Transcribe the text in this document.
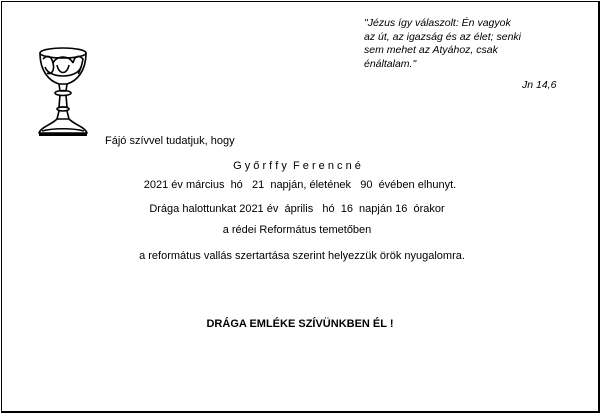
"Jézus így válaszolt: Én vagyok
az út, az igazság és az élet; senki
sem mehet az Atyához, csak
énáltalam."
Jn 14,6
Fájó szívvel tudatjuk, hogy
G y ő r f f y  F e r e n c n é
2021 év március  hó   21  napján, életének   90  évében elhunyt.
Drága halottunkat 2021 év  április   hó  16  napján 16  órakor
a rédei Református temetőben
a református vallás szertartása szerint helyezzük örök nyugalomra.
DRÁGA EMLÉKE SZÍVÜNKBEN ÉL !
